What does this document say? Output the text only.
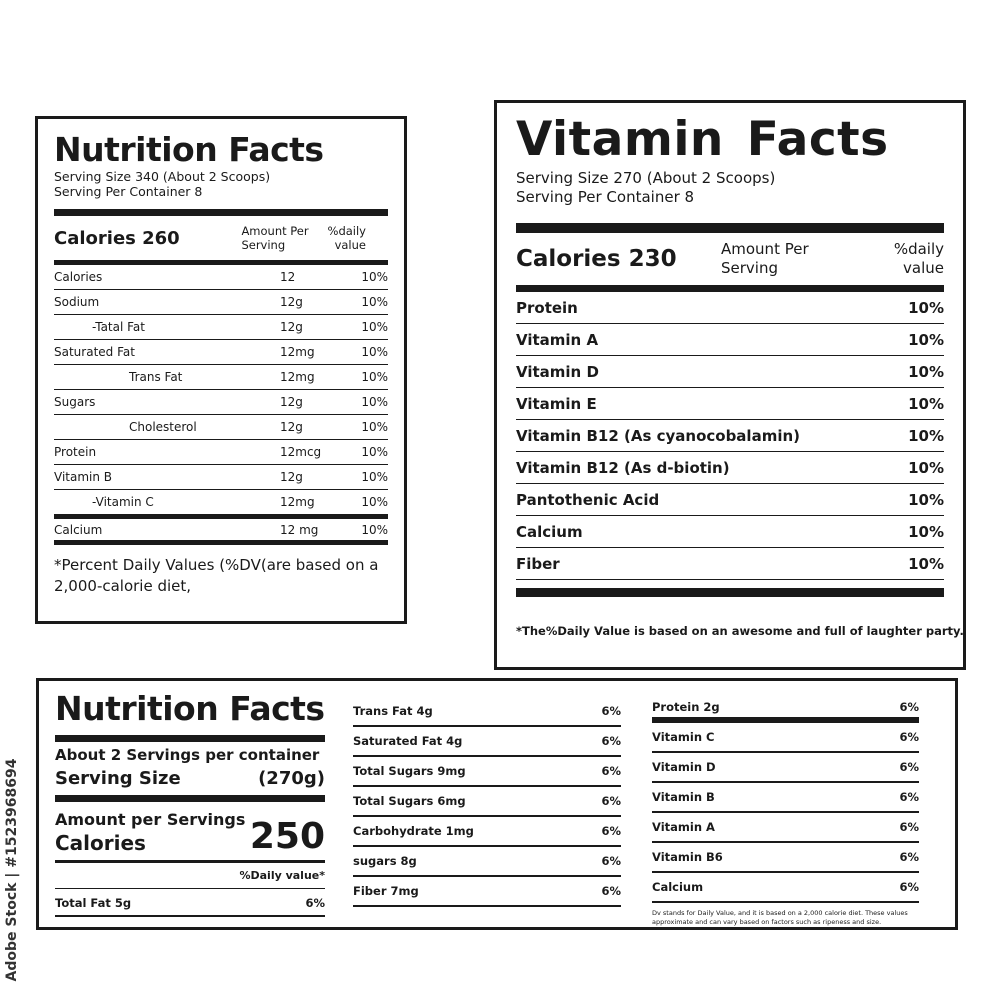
Nutrition Facts
Serving Size 340 (About 2 Scoops)
Serving Per Container 8
Calories 260	Amount Per Serving
%daily value
Calories	12	10%
Sodium	12g	10%
-Tatal Fat	12g	10%
Saturated Fat	12mg	10%
Trans Fat	12mg	10%
Sugars	12g	10%
Cholesterol	12g	10%
Protein	12mcg	10%
Vitamin B	12g	10%
-Vitamin C	12mg	10%
Calcium	12 mg	10%
*Percent Daily Values (%DV(are based on a 2,000-calorie diet,
Vitamin Facts
Serving Size 270 (About 2 Scoops)
Serving Per Container 8
Calories 230	Amount Per Serving
%daily value
Protein	10%
Vitamin A	10%
Vitamin D	10%
Vitamin E	10%
Vitamin B12 (As cyanocobalamin)	10%
Vitamin B12 (As d-biotin)	10%
Pantothenic Acid	10%
Calcium	10%
Fiber	10%
*The%Daily Value is based on an awesome and full of laughter party.
Nutrition Facts
About 2 Servings per container
Serving Size	(270g)
Amount per Servings
Calories	250
%Daily value*
Total Fat 5g	6%
Trans Fat 4g	6%
Saturated Fat 4g	6%
Total Sugars 9mg	6%
Total Sugars 6mg	6%
Carbohydrate 1mg	6%
sugars 8g	6%
Fiber 7mg	6%
Protein 2g	6%
Vitamin C	6%
Vitamin D	6%
Vitamin B	6%
Vitamin A	6%
Vitamin B6	6%
Calcium	6%
Dv stands for Daily Value, and it is based on a 2,000 calorie diet. These values approximate and can vary based on factors such as ripeness and size.
Adobe Stock | #1523968694
